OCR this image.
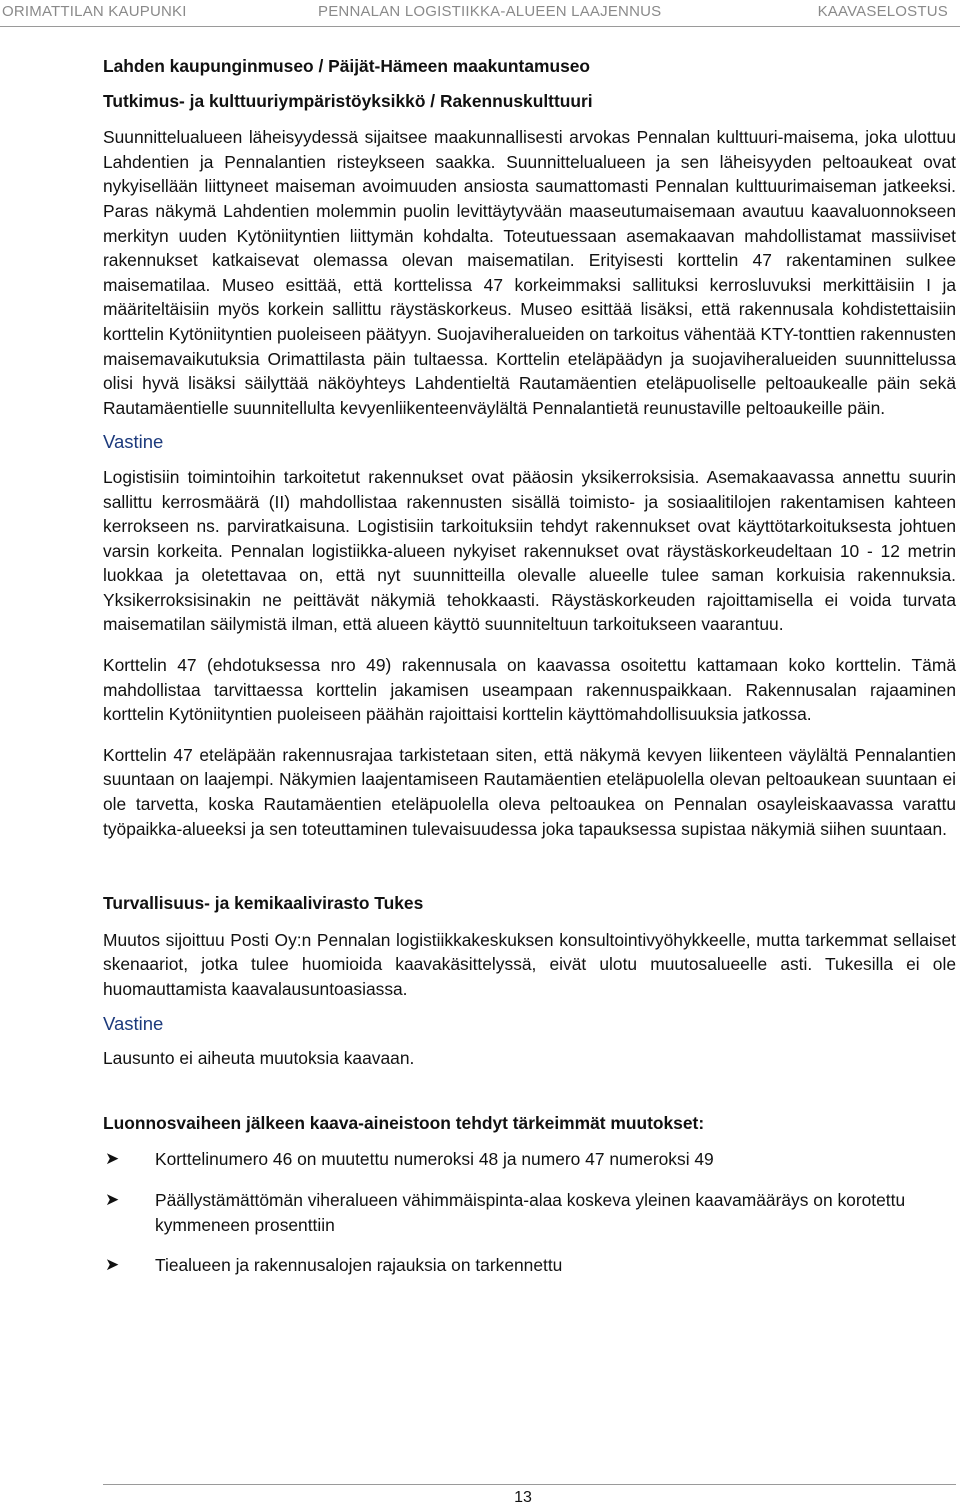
ORIMATTILAN KAUPUNKI	PENNALAN LOGISTIIKKA-ALUEEN LAAJENNUS	KAAVASELOSTUS

Lahden kaupunginmuseo / Päijät-Hämeen maakuntamuseo

Tutkimus- ja kulttuuriympäristöyksikkö / Rakennuskulttuuri

Suunnittelualueen läheisyydessä sijaitsee maakunnallisesti arvokas Pennalan kulttuuri-maisema, joka ulottuu Lahdentien ja Pennalantien risteykseen saakka. Suunnittelualueen ja sen läheisyyden peltoaukeat ovat nykyisellään liittyneet maiseman avoimuuden ansiosta saumattomasti Pennalan kulttuurimaiseman jatkeeksi. Paras näkymä Lahdentien molemmin puolin levittäytyvään maaseutumaisemaan avautuu kaavaluonnokseen merkityn uuden Kytöniityntien liittymän kohdalta. Toteutuessaan asemakaavan mahdollistamat massiiviset rakennukset katkaisevat olemassa olevan maisematilan. Erityisesti korttelin 47 rakentaminen sulkee maisematilaa. Museo esittää, että korttelissa 47 korkeimmaksi sallituksi kerrosluvuksi merkittäisiin I ja määriteltäisiin myös korkein sallittu räystäskorkeus. Museo esittää lisäksi, että rakennusala kohdistettaisiin korttelin Kytöniityntien puoleiseen päätyyn. Suojaviheralueiden on tarkoitus vähentää KTY-tonttien rakennusten maisemavaikutuksia Orimattilasta päin tultaessa. Korttelin eteläpäädyn ja suojaviheralueiden suunnittelussa olisi hyvä lisäksi säilyttää näköyhteys Lahdentieltä Rautamäentien eteläpuoliselle peltoaukealle päin sekä Rautamäentielle suunnitellulta kevyenliikenteenväylältä Pennalantietä reunustaville peltoaukeille päin.

Vastine

Logistisiin toimintoihin tarkoitetut rakennukset ovat pääosin yksikerroksisia. Asemakaavassa annettu suurin sallittu kerrosmäärä (II) mahdollistaa rakennusten sisällä toimisto- ja sosiaalitilojen rakentamisen kahteen kerrokseen ns. parviratkaisuna. Logistisiin tarkoituksiin tehdyt rakennukset ovat käyttötarkoituksesta johtuen varsin korkeita. Pennalan logistiikka-alueen nykyiset rakennukset ovat räystäskorkeudeltaan 10 - 12 metrin luokkaa ja oletettavaa on, että nyt suunnitteilla olevalle alueelle tulee saman korkuisia rakennuksia. Yksikerroksisinakin ne peittävät näkymiä tehokkaasti. Räystäskorkeuden rajoittamisella ei voida turvata maisematilan säilymistä ilman, että alueen käyttö suunniteltuun tarkoitukseen vaarantuu.

Korttelin 47 (ehdotuksessa nro 49) rakennusala on kaavassa osoitettu kattamaan koko korttelin. Tämä mahdollistaa tarvittaessa korttelin jakamisen useampaan rakennuspaikkaan. Rakennusalan rajaaminen korttelin Kytöniityntien puoleiseen päähän rajoittaisi korttelin käyttömahdollisuuksia jatkossa.

Korttelin 47 eteläpään rakennusrajaa tarkistetaan siten, että näkymä kevyen liikenteen väylältä Pennalantien suuntaan on laajempi. Näkymien laajentamiseen Rautamäentien eteläpuolella olevan peltoaukean suuntaan ei ole tarvetta, koska Rautamäentien eteläpuolella oleva peltoaukea on Pennalan osayleiskaavassa varattu työpaikka-alueeksi ja sen toteuttaminen tulevaisuudessa joka tapauksessa supistaa näkymiä siihen suuntaan.

Turvallisuus- ja kemikaalivirasto Tukes

Muutos sijoittuu Posti Oy:n Pennalan logistiikkakeskuksen konsultointivyöhykkeelle, mutta tarkemmat sellaiset skenaariot, jotka tulee huomioida kaavakäsittelyssä, eivät ulotu muutosalueelle asti. Tukesilla ei ole huomauttamista kaavalausuntoasiassa.

Vastine

Lausunto ei aiheuta muutoksia kaavaan.

Luonnosvaiheen jälkeen kaava-aineistoon tehdyt tärkeimmät muutokset:

➤ Korttelinumero 46 on muutettu numeroksi 48 ja numero 47 numeroksi 49
➤ Päällystämättömän viheralueen vähimmäispinta-alaa koskeva yleinen kaavamääräys on korotettu kymmeneen prosenttiin
➤ Tiealueen ja rakennusalojen rajauksia on tarkennettu
13
